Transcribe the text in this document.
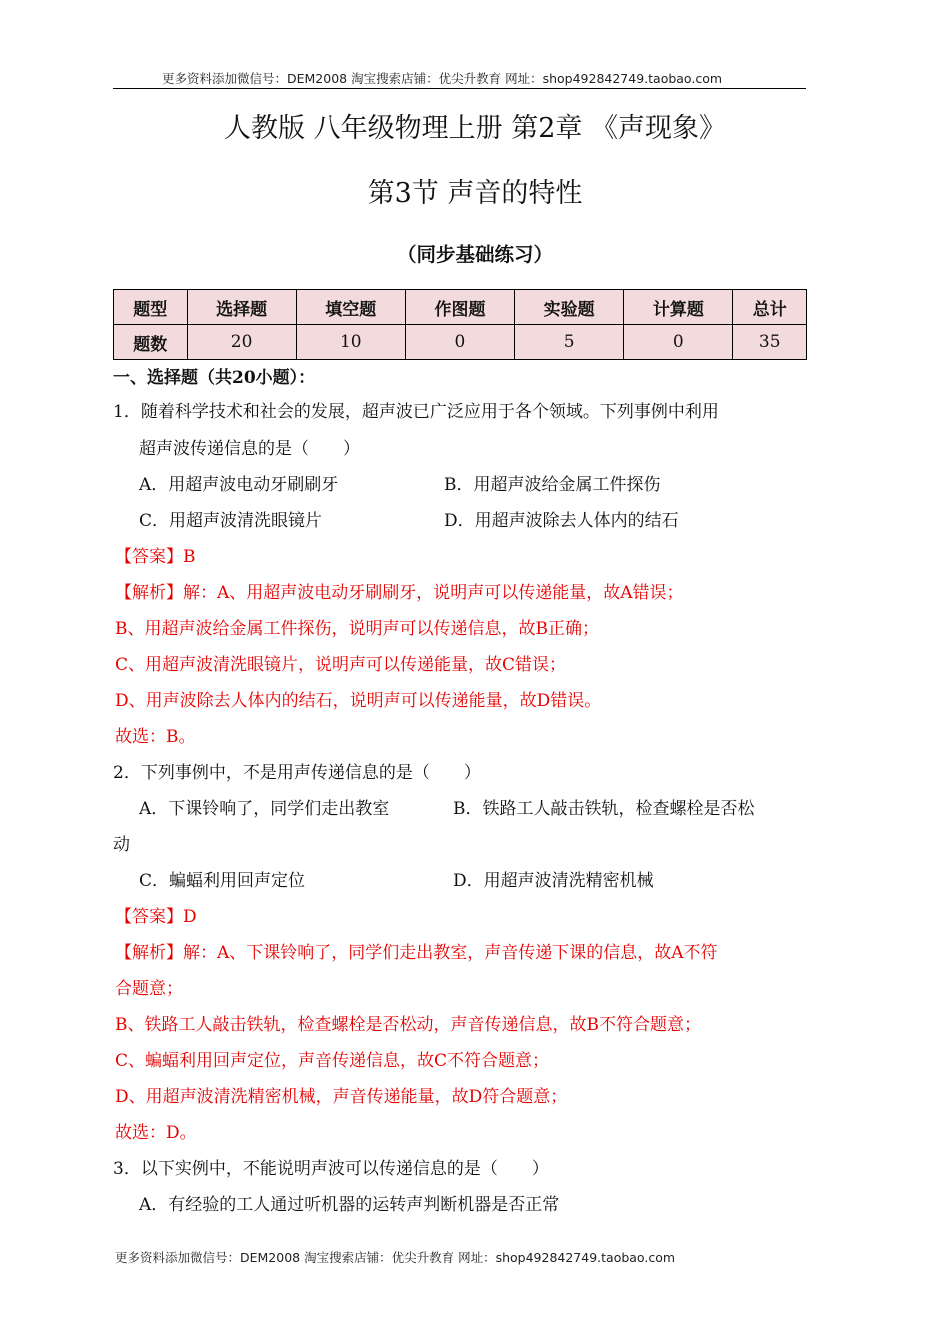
更多资料添加微信号：DEM2008 淘宝搜索店铺：优尖升教育 网址：shop492842749.taobao.com
人教版 八年级物理上册 第2章 《声现象》
第3节 声音的特性
（同步基础练习）
题型	选择题	填空题	作图题	实验题	计算题	总计
题数	20	10	0	5	0	35
一、选择题（共20小题）：
1．随着科学技术和社会的发展，超声波已广泛应用于各个领域。下列事例中利用
超声波传递信息的是（　　）
A．用超声波电动牙刷刷牙	B．用超声波给金属工件探伤
C．用超声波清洗眼镜片	D．用超声波除去人体内的结石
【答案】B
【解析】解：A、用超声波电动牙刷刷牙，说明声可以传递能量，故A错误；
B、用超声波给金属工件探伤，说明声可以传递信息，故B正确；
C、用超声波清洗眼镜片，说明声可以传递能量，故C错误；
D、用声波除去人体内的结石，说明声可以传递能量，故D错误。
故选：B。
2．下列事例中，不是用声传递信息的是（　　）
A．下课铃响了，同学们走出教室	B．铁路工人敲击铁轨，检查螺栓是否松
动
C．蝙蝠利用回声定位	D．用超声波清洗精密机械
【答案】D
【解析】解：A、下课铃响了，同学们走出教室，声音传递下课的信息，故A不符
合题意；
B、铁路工人敲击铁轨，检查螺栓是否松动，声音传递信息，故B不符合题意；
C、蝙蝠利用回声定位，声音传递信息，故C不符合题意；
D、用超声波清洗精密机械，声音传递能量，故D符合题意；
故选：D。
3．以下实例中，不能说明声波可以传递信息的是（　　）
A．有经验的工人通过听机器的运转声判断机器是否正常
更多资料添加微信号：DEM2008 淘宝搜索店铺：优尖升教育 网址：shop492842749.taobao.com
